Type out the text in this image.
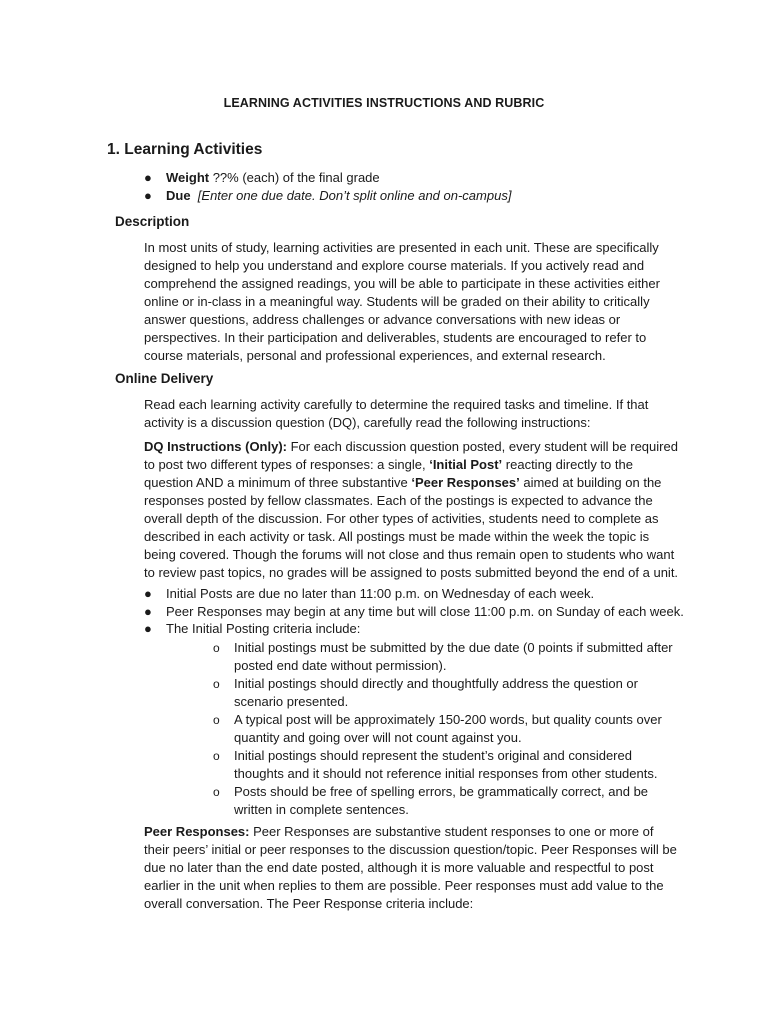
LEARNING ACTIVITIES INSTRUCTIONS AND RUBRIC
1. Learning Activities
● Weight ??% (each) of the final grade
● Due [Enter one due date. Don’t split online and on-campus]
Description

In most units of study, learning activities are presented in each unit. These are specifically designed to help you understand and explore course materials. If you actively read and comprehend the assigned readings, you will be able to participate in these activities either online or in-class in a meaningful way. Students will be graded on their ability to critically answer questions, address challenges or advance conversations with new ideas or perspectives. In their participation and deliverables, students are encouraged to refer to course materials, personal and professional experiences, and external research.

Online Delivery

Read each learning activity carefully to determine the required tasks and timeline. If that activity is a discussion question (DQ), carefully read the following instructions:

DQ Instructions (Only): For each discussion question posted, every student will be required to post two different types of responses: a single, ‘Initial Post’ reacting directly to the question AND a minimum of three substantive ‘Peer Responses’ aimed at building on the responses posted by fellow classmates. Each of the postings is expected to advance the overall depth of the discussion. For other types of activities, students need to complete as described in each activity or task. All postings must be made within the week the topic is being covered. Though the forums will not close and thus remain open to students who want to review past topics, no grades will be assigned to posts submitted beyond the end of a unit.

● Initial Posts are due no later than 11:00 p.m. on Wednesday of each week.
● Peer Responses may begin at any time but will close 11:00 p.m. on Sunday of each week.
● The Initial Posting criteria include:
o Initial postings must be submitted by the due date (0 points if submitted after posted end date without permission).
o Initial postings should directly and thoughtfully address the question or scenario presented.
o A typical post will be approximately 150-200 words, but quality counts over quantity and going over will not count against you.
o Initial postings should represent the student’s original and considered thoughts and it should not reference initial responses from other students.
o Posts should be free of spelling errors, be grammatically correct, and be written in complete sentences.

Peer Responses: Peer Responses are substantive student responses to one or more of their peers’ initial or peer responses to the discussion question/topic. Peer Responses will be due no later than the end date posted, although it is more valuable and respectful to post earlier in the unit when replies to them are possible. Peer responses must add value to the overall conversation. The Peer Response criteria include:
